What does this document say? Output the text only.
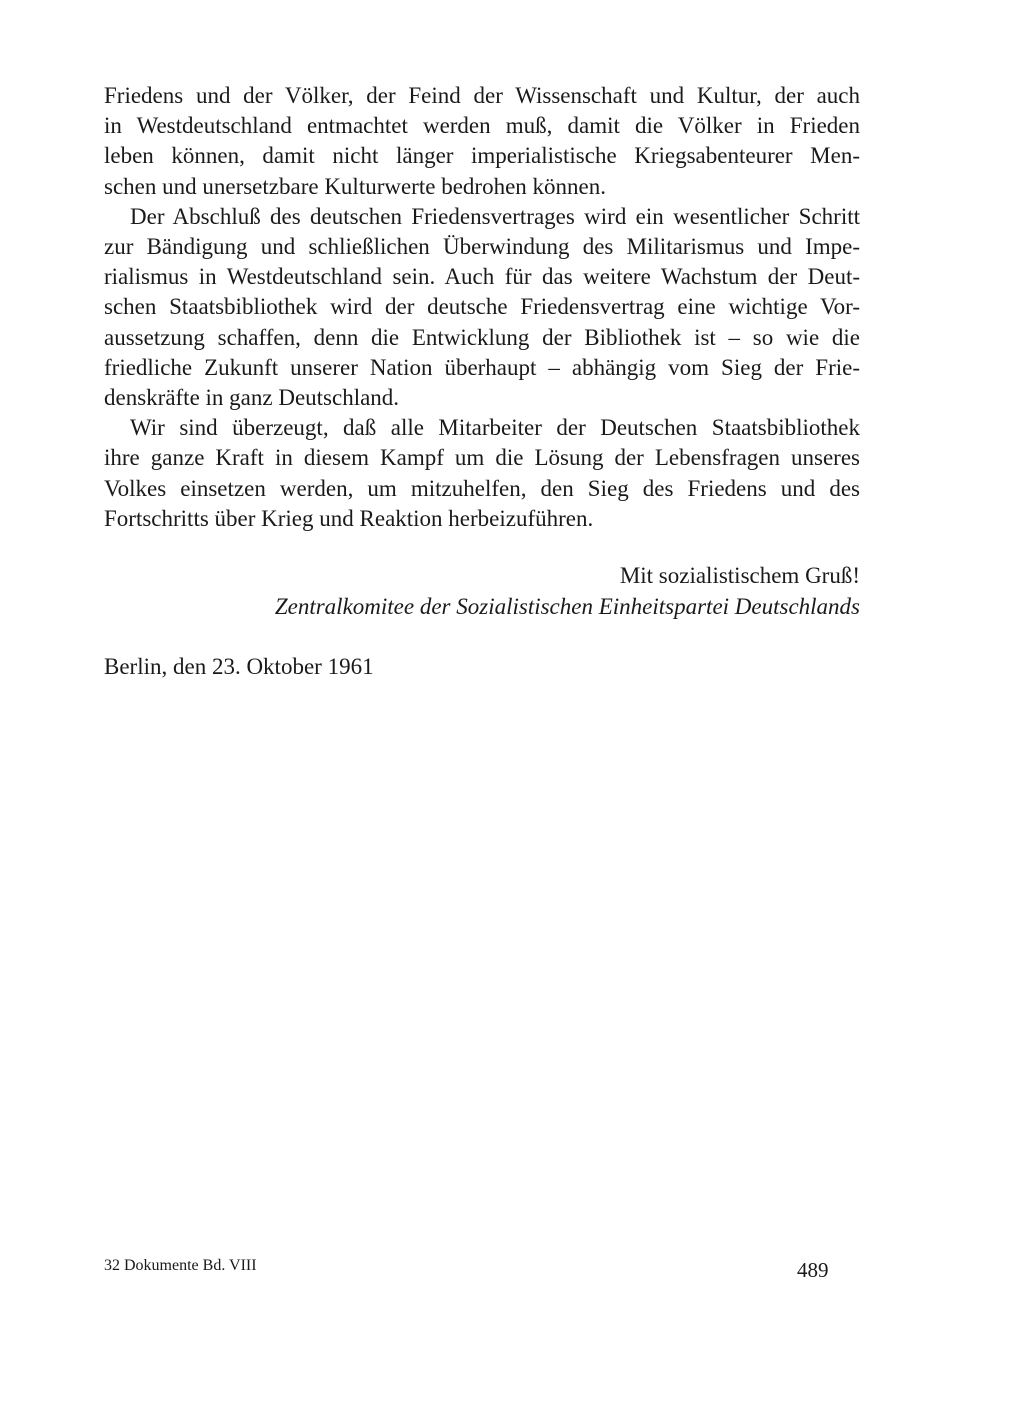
Friedens und der Völker, der Feind der Wissenschaft und Kultur, der auch
in Westdeutschland entmachtet werden muß, damit die Völker in Frieden
leben können, damit nicht länger imperialistische Kriegsabenteurer Men-
schen und unersetzbare Kulturwerte bedrohen können.

Der Abschluß des deutschen Friedensvertrages wird ein wesentlicher Schritt
zur Bändigung und schließlichen Überwindung des Militarismus und Impe-
rialismus in Westdeutschland sein. Auch für das weitere Wachstum der Deut-
schen Staatsbibliothek wird der deutsche Friedensvertrag eine wichtige Vor-
aussetzung schaffen, denn die Entwicklung der Bibliothek ist – so wie die
friedliche Zukunft unserer Nation überhaupt – abhängig vom Sieg der Frie-
denskräfte in ganz Deutschland.

Wir sind überzeugt, daß alle Mitarbeiter der Deutschen Staatsbibliothek
ihre ganze Kraft in diesem Kampf um die Lösung der Lebensfragen unseres
Volkes einsetzen werden, um mitzuhelfen, den Sieg des Friedens und des
Fortschritts über Krieg und Reaktion herbeizuführen.

Mit sozialistischem Gruß!
Zentralkomitee der Sozialistischen Einheitspartei Deutschlands
Berlin, den 23. Oktober 1961
32 Dokumente Bd. VIII	489
